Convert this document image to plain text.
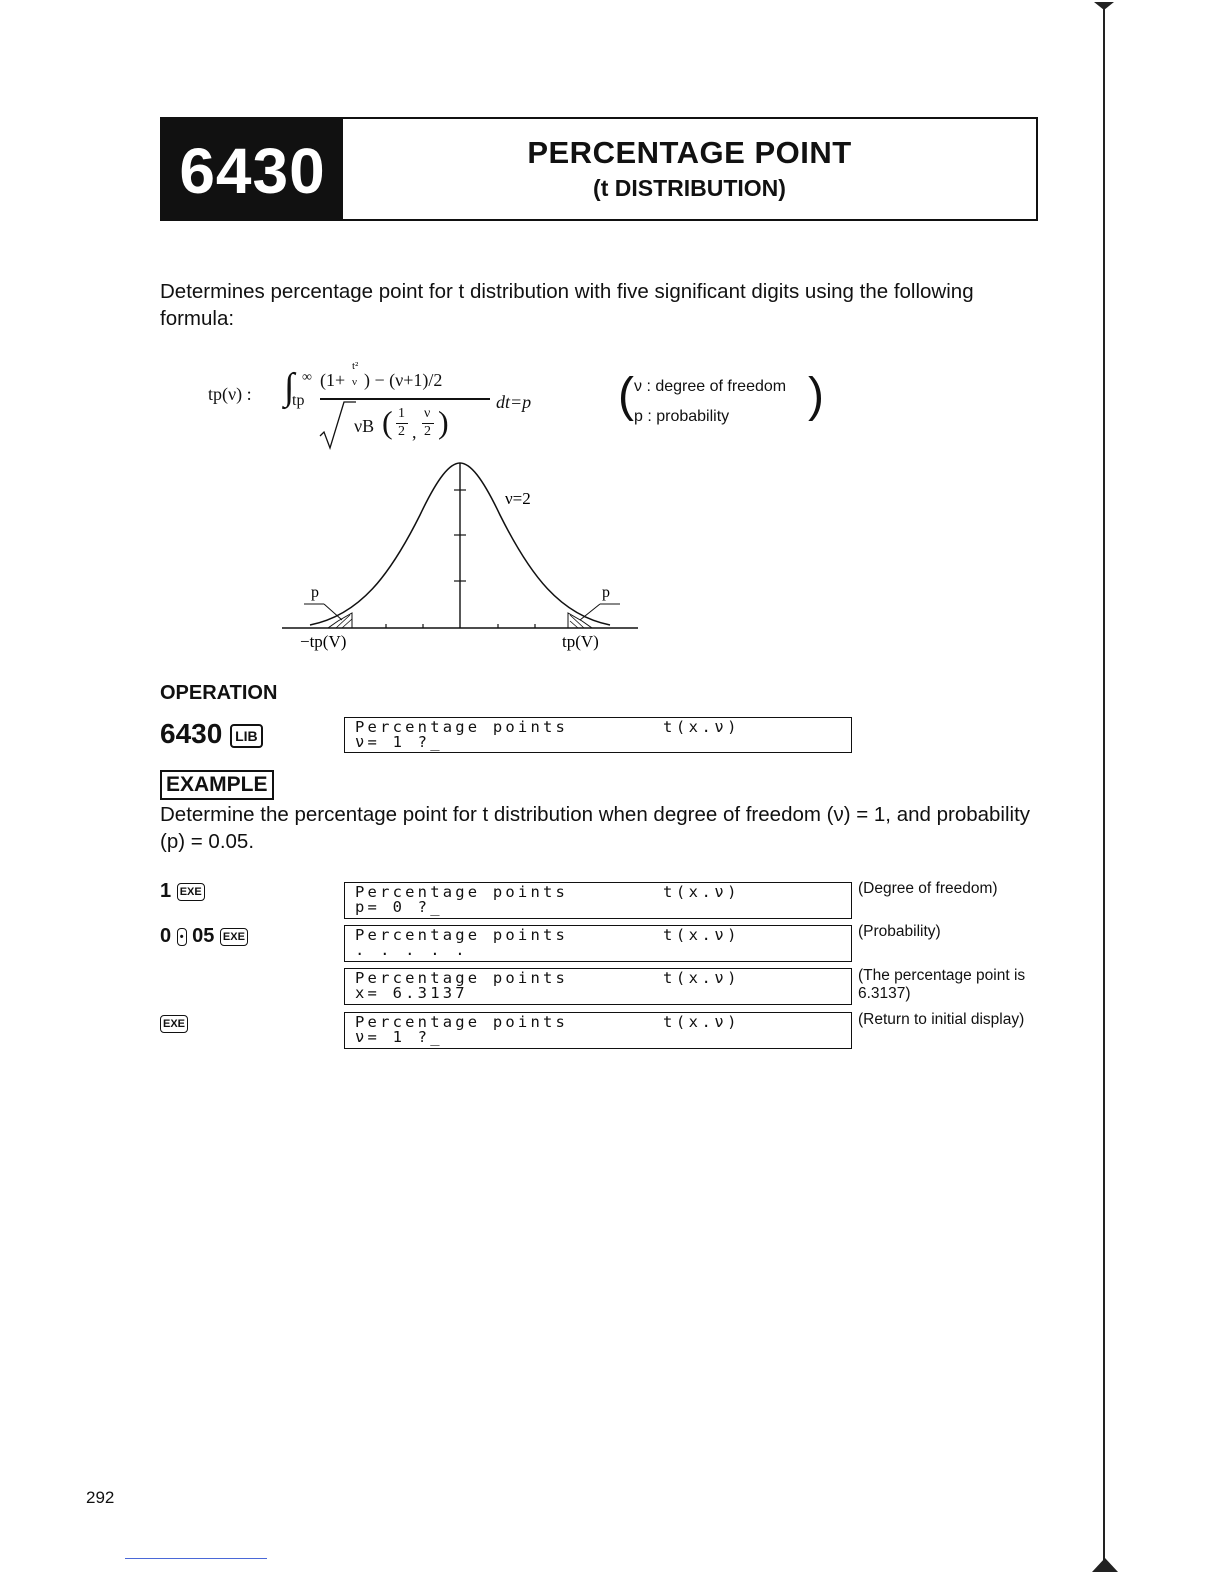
6430	PERCENTAGE POINT
(t DISTRIBUTION)
Determines percentage point for t distribution with five significant digits using the following formula:
tp(ν) : ∫ ∞
tp
(1+
t²
ν ) − (ν+1)/2
νB ( 1
2 ,
ν
2 )
dt=p ( ν : degree of freedom
p : probability )
p	p
ν=2
−tp(V)	tp(V)
OPERATION
6430 LIB	Percentage points	t(x.ν)
ν= 1 ?_
EXAMPLE
Determine the percentage point for t distribution when degree of freedom (ν) = 1, and probability (p) = 0.05.
1 EXE	Percentage points	t(x.ν)
p= 0 ?_
(Degree of freedom)
0 • 05 EXE	Percentage points	t(x.ν)
. . . . .
(Probability)
Percentage points	t(x.ν)
x= 6.3137
(The percentage point is 6.3137)
EXE	Percentage points	t(x.ν)
ν= 1 ?_
(Return to initial display)
292
